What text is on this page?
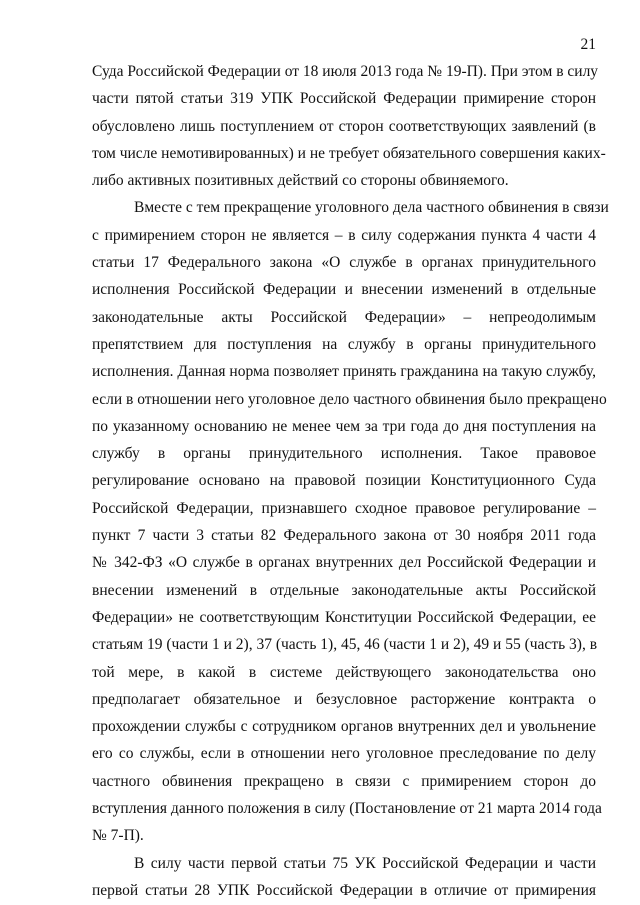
21

Суда Российской Федерации от 18 июля 2013 года № 19-П). При этом в силу
части пятой статьи 319 УПК Российской Федерации примирение сторон
обусловлено лишь поступлением от сторон соответствующих заявлений (в
том числе немотивированных) и не требует обязательного совершения каких-
либо активных позитивных действий со стороны обвиняемого.

Вместе с тем прекращение уголовного дела частного обвинения в связи
с примирением сторон не является – в силу содержания пункта 4 части 4
статьи 17 Федерального закона «О службе в органах принудительного
исполнения Российской Федерации и внесении изменений в отдельные
законодательные акты Российской Федерации» – непреодолимым
препятствием для поступления на службу в органы принудительного
исполнения. Данная норма позволяет принять гражданина на такую службу,
если в отношении него уголовное дело частного обвинения было прекращено
по указанному основанию не менее чем за три года до дня поступления на
службу в органы принудительного исполнения. Такое правовое
регулирование основано на правовой позиции Конституционного Суда
Российской Федерации, признавшего сходное правовое регулирование –
пункт 7 части 3 статьи 82 Федерального закона от 30 ноября 2011 года
№ 342-ФЗ «О службе в органах внутренних дел Российской Федерации и
внесении изменений в отдельные законодательные акты Российской
Федерации» не соответствующим Конституции Российской Федерации, ее
статьям 19 (части 1 и 2), 37 (часть 1), 45, 46 (части 1 и 2), 49 и 55 (часть 3), в
той мере, в какой в системе действующего законодательства оно
предполагает обязательное и безусловное расторжение контракта о
прохождении службы с сотрудником органов внутренних дел и увольнение
его со службы, если в отношении него уголовное преследование по делу
частного обвинения прекращено в связи с примирением сторон до
вступления данного положения в силу (Постановление от 21 марта 2014 года
№ 7-П).

В силу части первой статьи 75 УК Российской Федерации и части
первой статьи 28 УПК Российской Федерации в отличие от примирения
